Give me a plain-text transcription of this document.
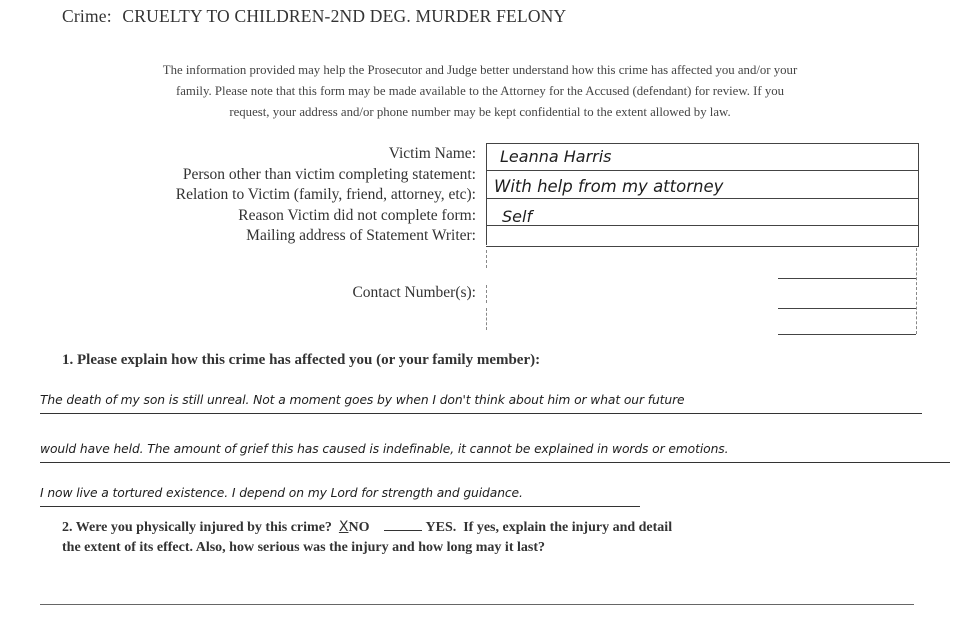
Crime: CRUELTY TO CHILDREN-2ND DEG. MURDER FELONY
The information provided may help the Prosecutor and Judge better understand how this crime has affected you and/or your
family. Please note that this form may be made available to the Attorney for the Accused (defendant) for review. If you
request, your address and/or phone number may be kept confidential to the extent allowed by law.
Victim Name:
Person other than victim completing statement:
Relation to Victim (family, friend, attorney, etc):
Reason Victim did not complete form:
Mailing address of Statement Writer:
Contact Number(s):
Leanna Harris
With help from my attorney
Self
1. Please explain how this crime has affected you (or your family member):
The death of my son is still unreal. Not a moment goes by when I don't think about him or what our future
would have held. The amount of grief this has caused is indefinable, it cannot be explained in words or emotions.
I now live a tortured existence. I depend on my Lord for strength and guidance.
2. Were you physically injured by this crime? XNO	YES. If yes, explain the injury and detail
the extent of its effect. Also, how serious was the injury and how long may it last?
